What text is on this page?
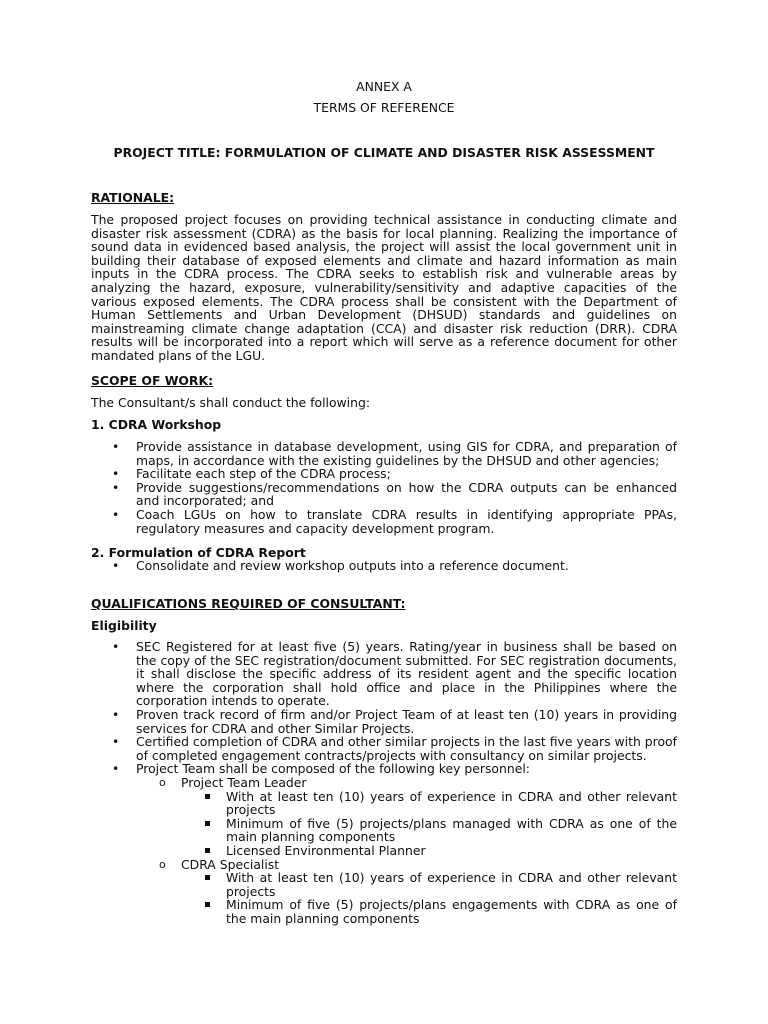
ANNEX A
TERMS OF REFERENCE
PROJECT TITLE: FORMULATION OF CLIMATE AND DISASTER RISK ASSESSMENT
RATIONALE:

The proposed project focuses on providing technical assistance in conducting climate and disaster risk assessment (CDRA) as the basis for local planning. Realizing the importance of sound data in evidenced based analysis, the project will assist the local government unit in building their database of exposed elements and climate and hazard information as main inputs in the CDRA process. The CDRA seeks to establish risk and vulnerable areas by analyzing the hazard, exposure, vulnerability/sensitivity and adaptive capacities of the various exposed elements. The CDRA process shall be consistent with the Department of Human Settlements and Urban Development (DHSUD) standards and guidelines on mainstreaming climate change adaptation (CCA) and disaster risk reduction (DRR). CDRA results will be incorporated into a report which will serve as a reference document for other mandated plans of the LGU.

SCOPE OF WORK:
The Consultant/s shall conduct the following:
1. CDRA Workshop
• Provide assistance in database development, using GIS for CDRA, and preparation of maps, in accordance with the existing guidelines by the DHSUD and other agencies;
• Facilitate each step of the CDRA process;
• Provide suggestions/recommendations on how the CDRA outputs can be enhanced and incorporated; and
• Coach LGUs on how to translate CDRA results in identifying appropriate PPAs, regulatory measures and capacity development program.
2. Formulation of CDRA Report
• Consolidate and review workshop outputs into a reference document.
QUALIFICATIONS REQUIRED OF CONSULTANT:
Eligibility
• SEC Registered for at least five (5) years. Rating/year in business shall be based on the copy of the SEC registration/document submitted. For SEC registration documents, it shall disclose the specific address of its resident agent and the specific location where the corporation shall hold office and place in the Philippines where the corporation intends to operate.
• Proven track record of firm and/or Project Team of at least ten (10) years in providing services for CDRA and other Similar Projects.
• Certified completion of CDRA and other similar projects in the last five years with proof of completed engagement contracts/projects with consultancy on similar projects.
• Project Team shall be composed of the following key personnel:
o Project Team Leader
With at least ten (10) years of experience in CDRA and other relevant projects
Minimum of five (5) projects/plans managed with CDRA as one of the main planning components
Licensed Environmental Planner
o CDRA Specialist
With at least ten (10) years of experience in CDRA and other relevant projects
Minimum of five (5) projects/plans engagements with CDRA as one of the main planning components
